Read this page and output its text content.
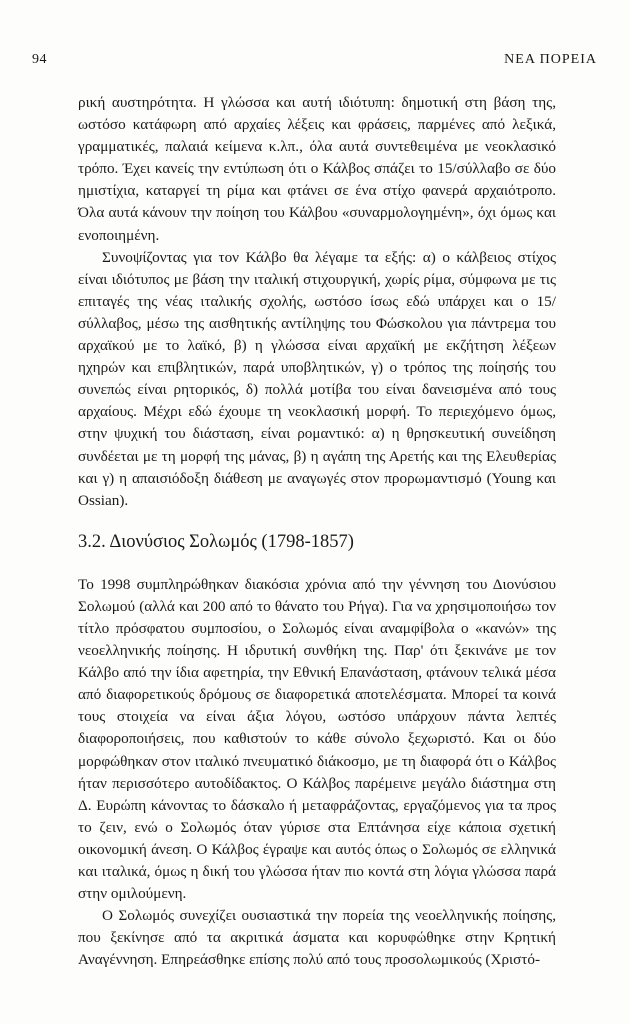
94	ΝΕΑ ΠΟΡΕΙΑ

ρική αυστηρότητα. Η γλώσσα και αυτή ιδιότυπη: δημοτική στη βάση της, ωστόσο κατάφωρη από αρχαίες λέξεις και φράσεις, παρμένες από λεξικά, γραμματικές, παλαιά κείμενα κ.λπ., όλα αυτά συντεθειμένα με νεοκλασικό τρόπο. Έχει κανείς την εντύπωση ότι ο Κάλβος σπάζει το 15/σύλλαβο σε δύο ημιστίχια, καταργεί τη ρίμα και φτάνει σε ένα στίχο φανερά αρχαιότροπο. Όλα αυτά κάνουν την ποίηση του Κάλβου «συναρμολογημένη», όχι όμως και ενοποιημένη.

Συνοψίζοντας για τον Κάλβο θα λέγαμε τα εξής: α) ο κάλβειος στίχος είναι ιδιότυπος με βάση την ιταλική στιχουργική, χωρίς ρίμα, σύμφωνα με τις επιταγές της νέας ιταλικής σχολής, ωστόσο ίσως εδώ υπάρχει και ο 15/σύλλαβος, μέσω της αισθητικής αντίληψης του Φώσκολου για πάντρεμα του αρχαϊκού με το λαϊκό, β) η γλώσσα είναι αρχαϊκή με εκζήτηση λέξεων ηχηρών και επιβλητικών, παρά υποβλητικών, γ) ο τρόπος της ποίησής του συνεπώς είναι ρητορικός, δ) πολλά μοτίβα του είναι δανεισμένα από τους αρχαίους. Μέχρι εδώ έχουμε τη νεοκλασική μορφή. Το περιεχόμενο όμως, στην ψυχική του διάσταση, είναι ρομαντικό: α) η θρησκευτική συνείδηση συνδέεται με τη μορφή της μάνας, β) η αγάπη της Αρετής και της Ελευθερίας και γ) η απαισιόδοξη διάθεση με αναγωγές στον προρωμαντισμό (Young και Ossian).

3.2. Διονύσιος Σολωμός (1798-1857)

Το 1998 συμπληρώθηκαν διακόσια χρόνια από την γέννηση του Διονύσιου Σολωμού (αλλά και 200 από το θάνατο του Ρήγα). Για να χρησιμοποιήσω τον τίτλο πρόσφατου συμποσίου, ο Σολωμός είναι αναμφίβολα ο «κανών» της νεοελληνικής ποίησης. Η ιδρυτική συνθήκη της. Παρ' ότι ξεκινάνε με τον Κάλβο από την ίδια αφετηρία, την Εθνική Επανάσταση, φτάνουν τελικά μέσα από διαφορετικούς δρόμους σε διαφορετικά αποτελέσματα. Μπορεί τα κοινά τους στοιχεία να είναι άξια λόγου, ωστόσο υπάρχουν πάντα λεπτές διαφοροποιήσεις, που καθιστούν το κάθε σύνολο ξεχωριστό. Και οι δύο μορφώθηκαν στον ιταλικό πνευματικό διάκοσμο, με τη διαφορά ότι ο Κάλβος ήταν περισσότερο αυτοδίδακτος. Ο Κάλβος παρέμεινε μεγάλο διάστημα στη Δ. Ευρώπη κάνοντας το δάσκαλο ή μεταφράζοντας, εργαζόμενος για τα προς το ζειν, ενώ ο Σολωμός όταν γύρισε στα Επτάνησα είχε κάποια σχετική οικονομική άνεση. Ο Κάλβος έγραψε και αυτός όπως ο Σολωμός σε ελληνικά και ιταλικά, όμως η δική του γλώσσα ήταν πιο κοντά στη λόγια γλώσσα παρά στην ομιλούμενη.

Ο Σολωμός συνεχίζει ουσιαστικά την πορεία της νεοελληνικής ποίησης, που ξεκίνησε από τα ακριτικά άσματα και κορυφώθηκε στην Κρητική Αναγέννηση. Επηρεάσθηκε επίσης πολύ από τους προσολωμικούς (Χριστό-
